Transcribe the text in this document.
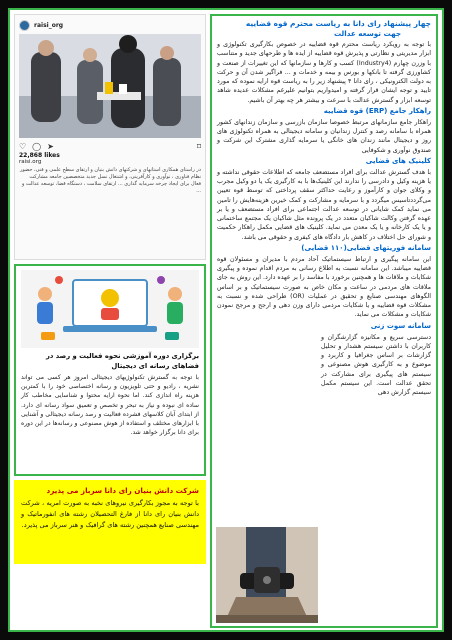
raisi_org
♡ ◯ ➤	⌑
22,868 likes
raisi.org
در راستای همکاری استانهای و شرکتهای دانش بنیان و ارتقای سطح علمی و فنی، حضور نظام فناوری ، نوآوری و کارآفرینی، و اشتغال نسل جدید متخصصین جامعه مشارکت فعال برای ایجاد چرخه سرمایه گذاری ... ارتقای سلامت ، دستگاه قضا، توسعه عدالت و ...
برگزاری دوره آموزشی نحوه فعالیت و رصد در فضاهای رسانه ای دیجیتال
با توجه به گسترش تکنولوژیهای دیجیتالی امروز هر کسی می تواند نشریه ، رادیو و حتی تلویزیون و رسانه اختصاصی خود را با کمترین هزینه راه اندازی کند. اما نحوه ارایه محتوا و شناسایی مخاطب کار ساده ای نبوده و نیاز به تبحر و تخصص و تعمیق سواد رسانه ای دارد. از ابتدای آبان کلاسهای فشرده فعالیت و رصد رسانه دیجیتالی و آشنایی با ابزارهای مختلف و استفاده از هوش مصنوعی و رسانه‌ها در این دوره برای دانا برگزار خواهد شد.
شرکت دانش بنیان رای دانا سرباز می پذیرد
با توجه به مجوز بکارگیری نیروهای نخبه به صورت امریه ، شرکت دانش بنیان رای دانا از فارغ التحصیلان رشته های انفورماتیک و مهندسی صنایع همچنین رشته های گرافیک و هنر سرباز می پذیرد.
چهار پیشنهاد رای دانا به ریاست محترم قوه قضاییه
جهت توسعه عدالت
با توجه به رویکرد ریاست محترم قوه قضاییه در خصوص بکارگیری تکنولوژی و ابزار مدیریتی و نظارتی و پذیرش قوه قضاییه از ایده ها و طرحهای جدید و متناسب با وزرن چهارم (Industry4) کسب و کارها و سازمانها که این تغییرات از صنعت و کشاورزی گرفته تا بانکها و بورس و بیمه و خدمات و ... فراگیر شدن آن و حرکت به دولت الکترونیکی ، رای دانا ۴ پیشنهاد زیر را به ریاست قوه ارایه نموده که مورد تایید و توجه ایشان قرار گرفته و امیدواریم بتوانیم علیرغم مشکلات عدیده شاهد توسعه ابزار و گسترش عدالت با سرعت و بیشتر هر چه بهتر آن باشیم.
راهکار جامع (ERP) قوه قضاییه
راهکار جامع سازمانهای مرتبط خصوصا سازمان بازرسی و سازمان زندانهای کشور همراه با سامانه رصد و کنترل زندانیان و سامانه دیجیتالی به همراه تکنولوژی های روز و دیجیتال مانند زندان های خانگی یا سرمایه گذاری مشترک این شرکت و صندوق نوآوری و شکوفایی
کلینیک های قضایی
با هدف گسترش عدالت برای افراد مستضعف جامعه که اطلاعات حقوقی نداشته و یا هزینه وکیل و دادرسی را ندارند این کلینیک‌ها با به کارگیری یک یا دو وکیل مجرب و وکلای جوان و کارآموز و رعایت حداکثر سقف پرداختی که توسط قوه تعیین می‌گرددتاسیس میگردد و با سرمایه و مشارکت و کمک خیرین هزینه‌هایش را تامین می نماید کمک شایانی در توسعه عدالت اجتماعی برای افراد مستضعف و یا بر عهده گرفتن وکالت شاکیان متعدد در یک پرونده مثل شاکیان یک مجتمع ساختمانی و یا یک کارخانه و یا یک معدن می نماید. کلینیک های قضایی مکمل راهکار حکمیت و شورای حل اختلاف در کاهش بار دادگاه های کیفری و حقوقی می باشد.
سامانه فوریتهای قضایی(۱۱۰ قضایی)
این سامانه پیگیری و ارتباط سیستماتیک آحاد مردم با مدیران و مسئولان قوه قضاییه میباشد. این سامانه نسبت به اطلاع رسانی به مردم اقدام نموده و پیگیری شکایات و ملاقات ها و همچنین برخورد با مفاسد را بر عهده دارد. این روش به جای ملاقات های مردمی در ساعت و مکان خاص به صورت سیستماتیک و بر اساس الگوهای مهندسی صنایع و تحقیق در عملیات (OR) طراحی شده و نسبت به مشکلات قوه قضاییه و یا شکایات مردمی دارای وزن دهی و ارجح و مرجح نمودن شکایات و مشکلات می نماید.
سامانه سوت زنی
دسترسی سریع و مکانیزه گزارشگران و کاربران با داشتن سیستم هشدار و تحلیل گزارشات بر اساس جغرافیا و کاربرد و موضوع و به کارگیری هوش مصنوعی و سیستم های پیگیری برای مشارکت در تحقق عدالت است. این سیستم مکمل سیستم گزارش دهی
